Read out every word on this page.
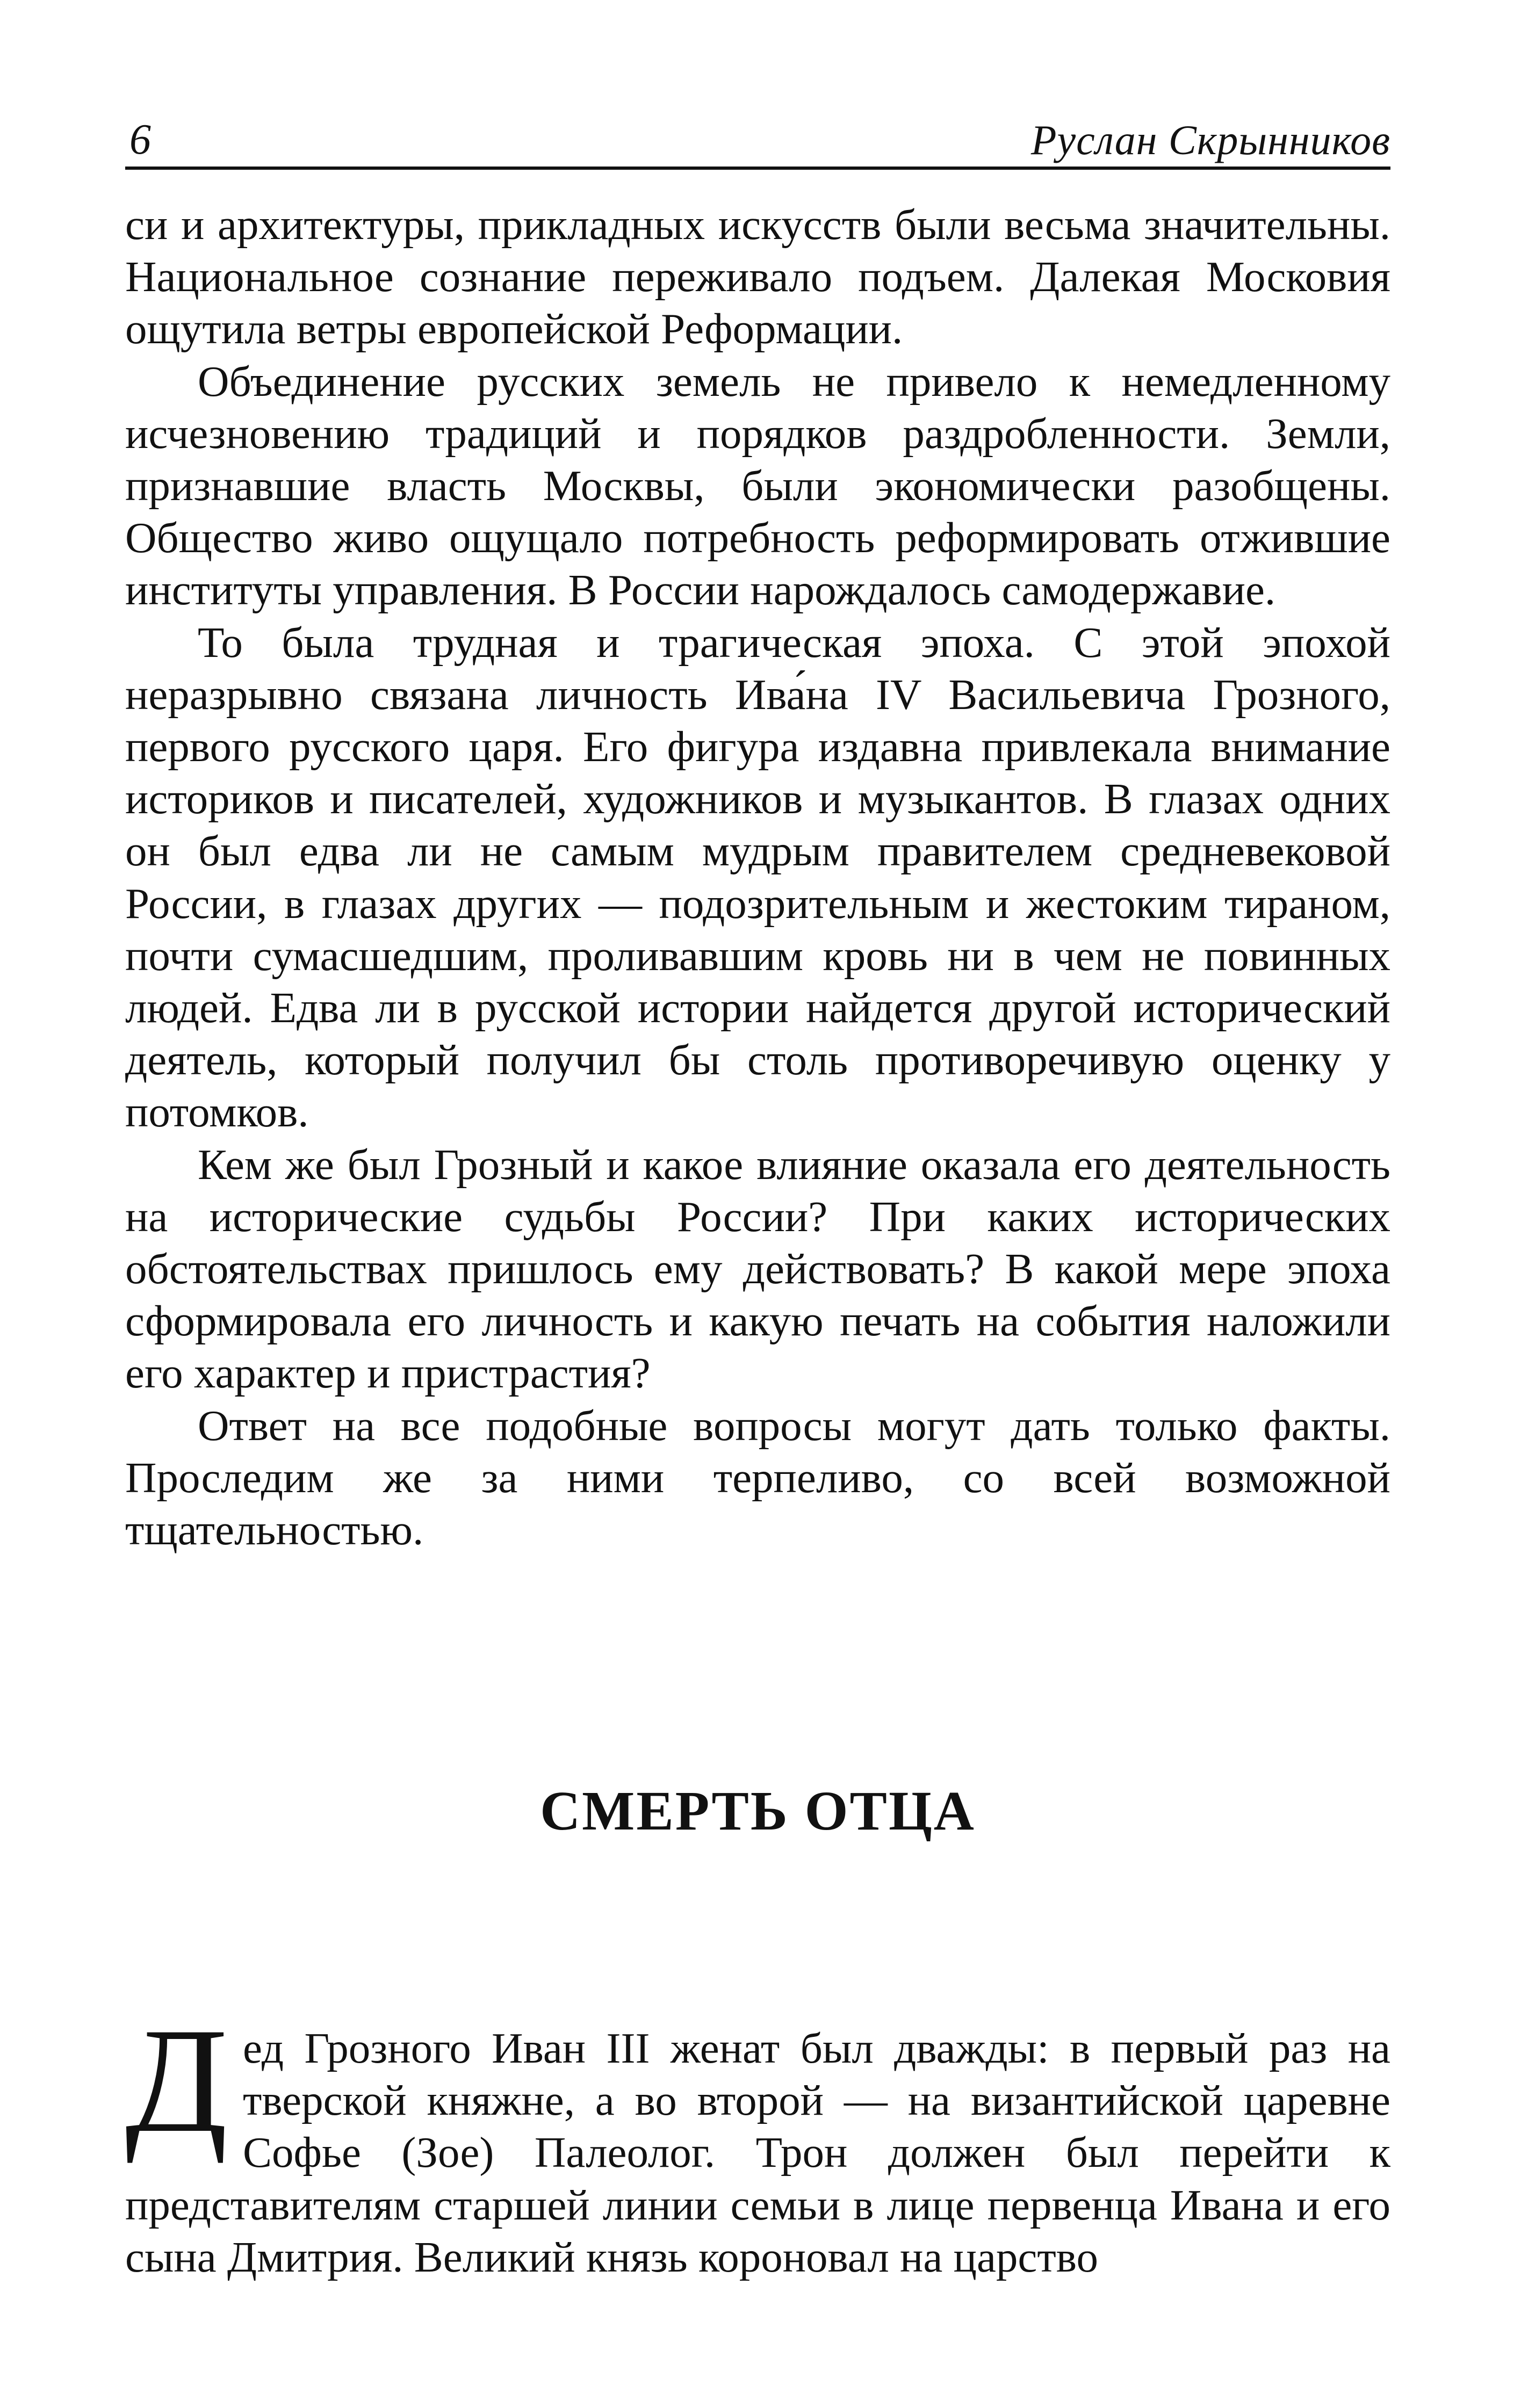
6	Руслан Скрынников

си и архитектуры, прикладных искусств были весьма значительны. Национальное сознание переживало подъем. Далекая Московия ощутила ветры европейской Реформации.

Объединение русских земель не привело к немедленному исчезновению традиций и порядков раздробленности. Земли, признавшие власть Москвы, были экономически разобщены. Общество живо ощущало потребность реформировать отжившие институты управления. В России нарождалось самодержавие.

То была трудная и трагическая эпоха. С этой эпохой неразрывно связана личность Ива́на IV Васильевича Грозного, первого русского царя. Его фигура издавна привлекала внимание историков и писателей, художников и музыкантов. В глазах одних он был едва ли не самым мудрым правителем средневековой России, в глазах других — подозрительным и жестоким тираном, почти сумасшедшим, проливавшим кровь ни в чем не повинных людей. Едва ли в русской истории найдется другой исторический деятель, который получил бы столь противоречивую оценку у потомков.

Кем же был Грозный и какое влияние оказала его деятельность на исторические судьбы России? При каких исторических обстоятельствах пришлось ему действовать? В какой мере эпоха сформировала его личность и какую печать на события наложили его характер и пристрастия?

Ответ на все подобные вопросы могут дать только факты. Проследим же за ними терпеливо, со всей возможной тщательностью.

СМЕРТЬ ОТЦА

Дед Грозного Иван III женат был дважды: в первый раз на тверской княжне, а во второй — на византийской царевне Софье (Зое) Палеолог. Трон должен был перейти к представителям старшей линии семьи в лице первенца Ивана и его сына Дмитрия. Великий князь короновал на царство
